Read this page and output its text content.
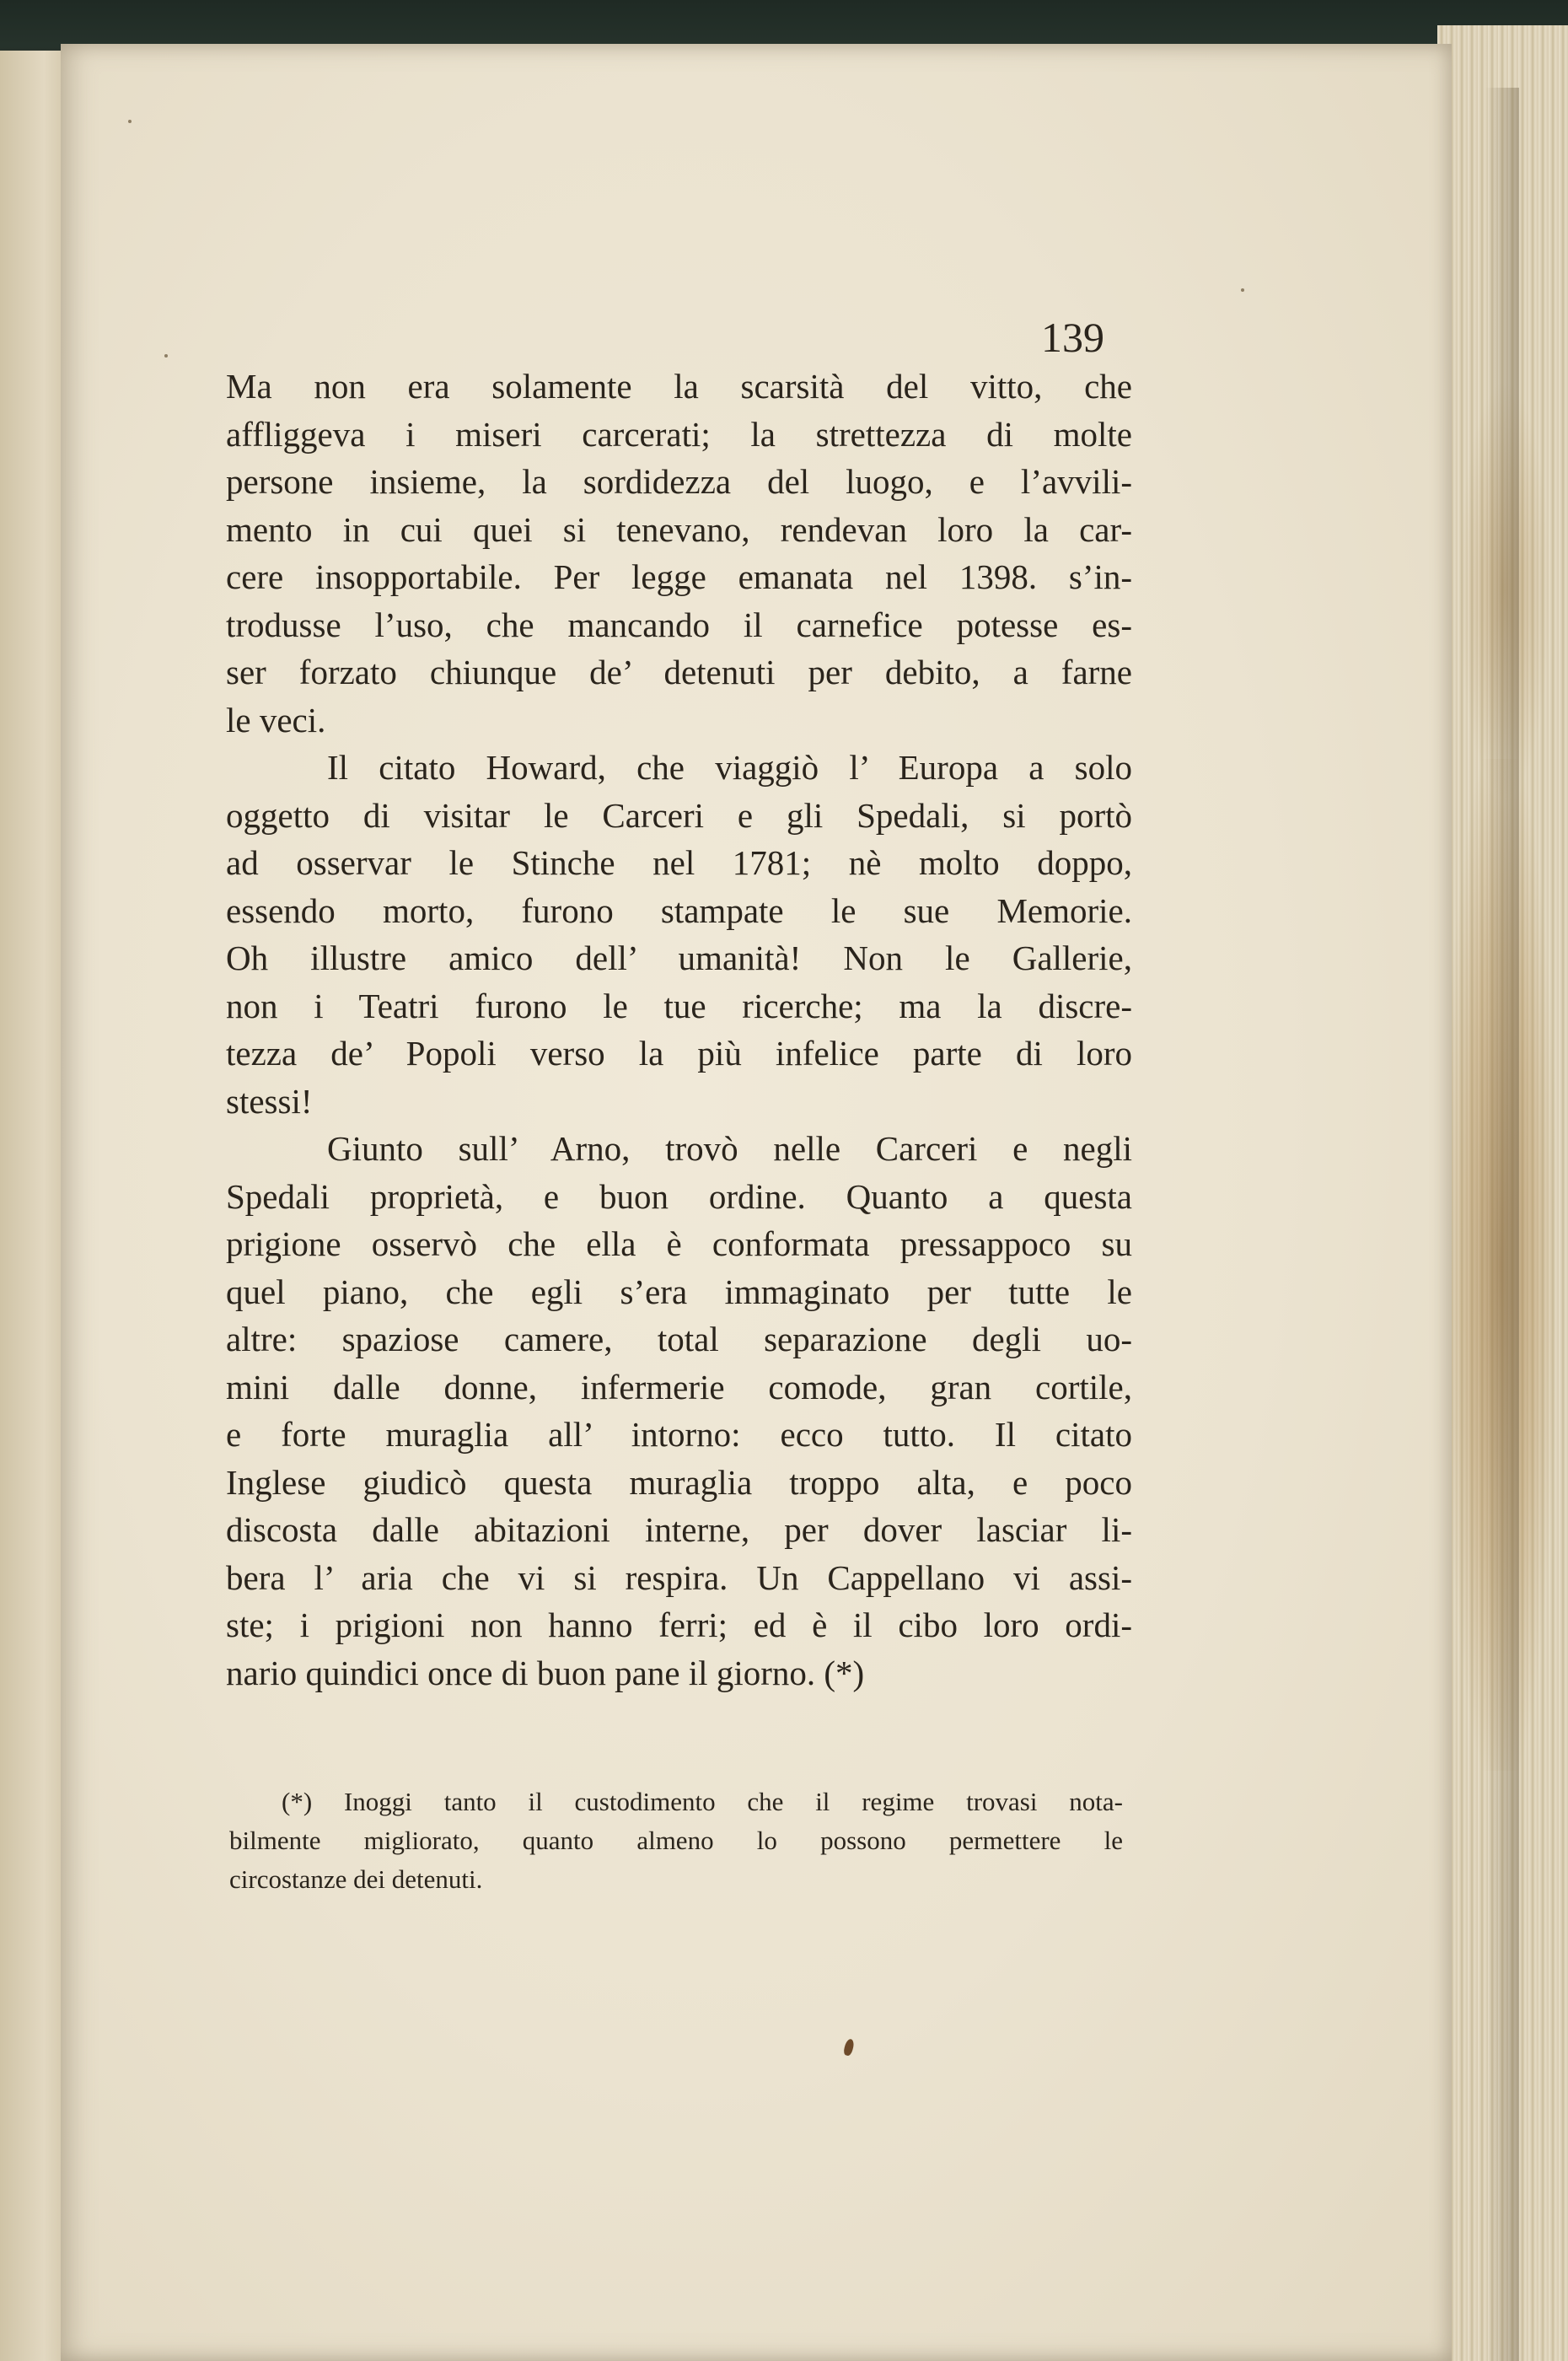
139

Ma non era solamente la scarsità del vitto, che
affliggeva i miseri carcerati; la strettezza di molte
persone insieme, la sordidezza del luogo, e l’avvili-
mento in cui quei si tenevano, rendevan loro la car-
cere insopportabile. Per legge emanata nel 1398. s’in-
trodusse l’uso, che mancando il carnefice potesse es-
ser forzato chiunque de’ detenuti per debito, a farne
le veci.
Il citato Howard, che viaggiò l’ Europa a solo
oggetto di visitar le Carceri e gli Spedali, si portò
ad osservar le Stinche nel 1781; nè molto doppo,
essendo morto, furono stampate le sue Memorie.
Oh illustre amico dell’ umanità! Non le Gallerie,
non i Teatri furono le tue ricerche; ma la discre-
tezza de’ Popoli verso la più infelice parte di loro
stessi!
Giunto sull’ Arno, trovò nelle Carceri e negli
Spedali proprietà, e buon ordine. Quanto a questa
prigione osservò che ella è conformata pressappoco su
quel piano, che egli s’era immaginato per tutte le
altre: spaziose camere, total separazione degli uo-
mini dalle donne, infermerie comode, gran cortile,
e forte muraglia all’ intorno: ecco tutto. Il citato
Inglese giudicò questa muraglia troppo alta, e poco
discosta dalle abitazioni interne, per dover lasciar li-
bera l’ aria che vi si respira. Un Cappellano vi assi-
ste; i prigioni non hanno ferri; ed è il cibo loro ordi-
nario quindici once di buon pane il giorno. (*)
(*) Inoggi tanto il custodimento che il regime trovasi nota-
bilmente migliorato, quanto almeno lo possono permettere le
circostanze dei detenuti.
